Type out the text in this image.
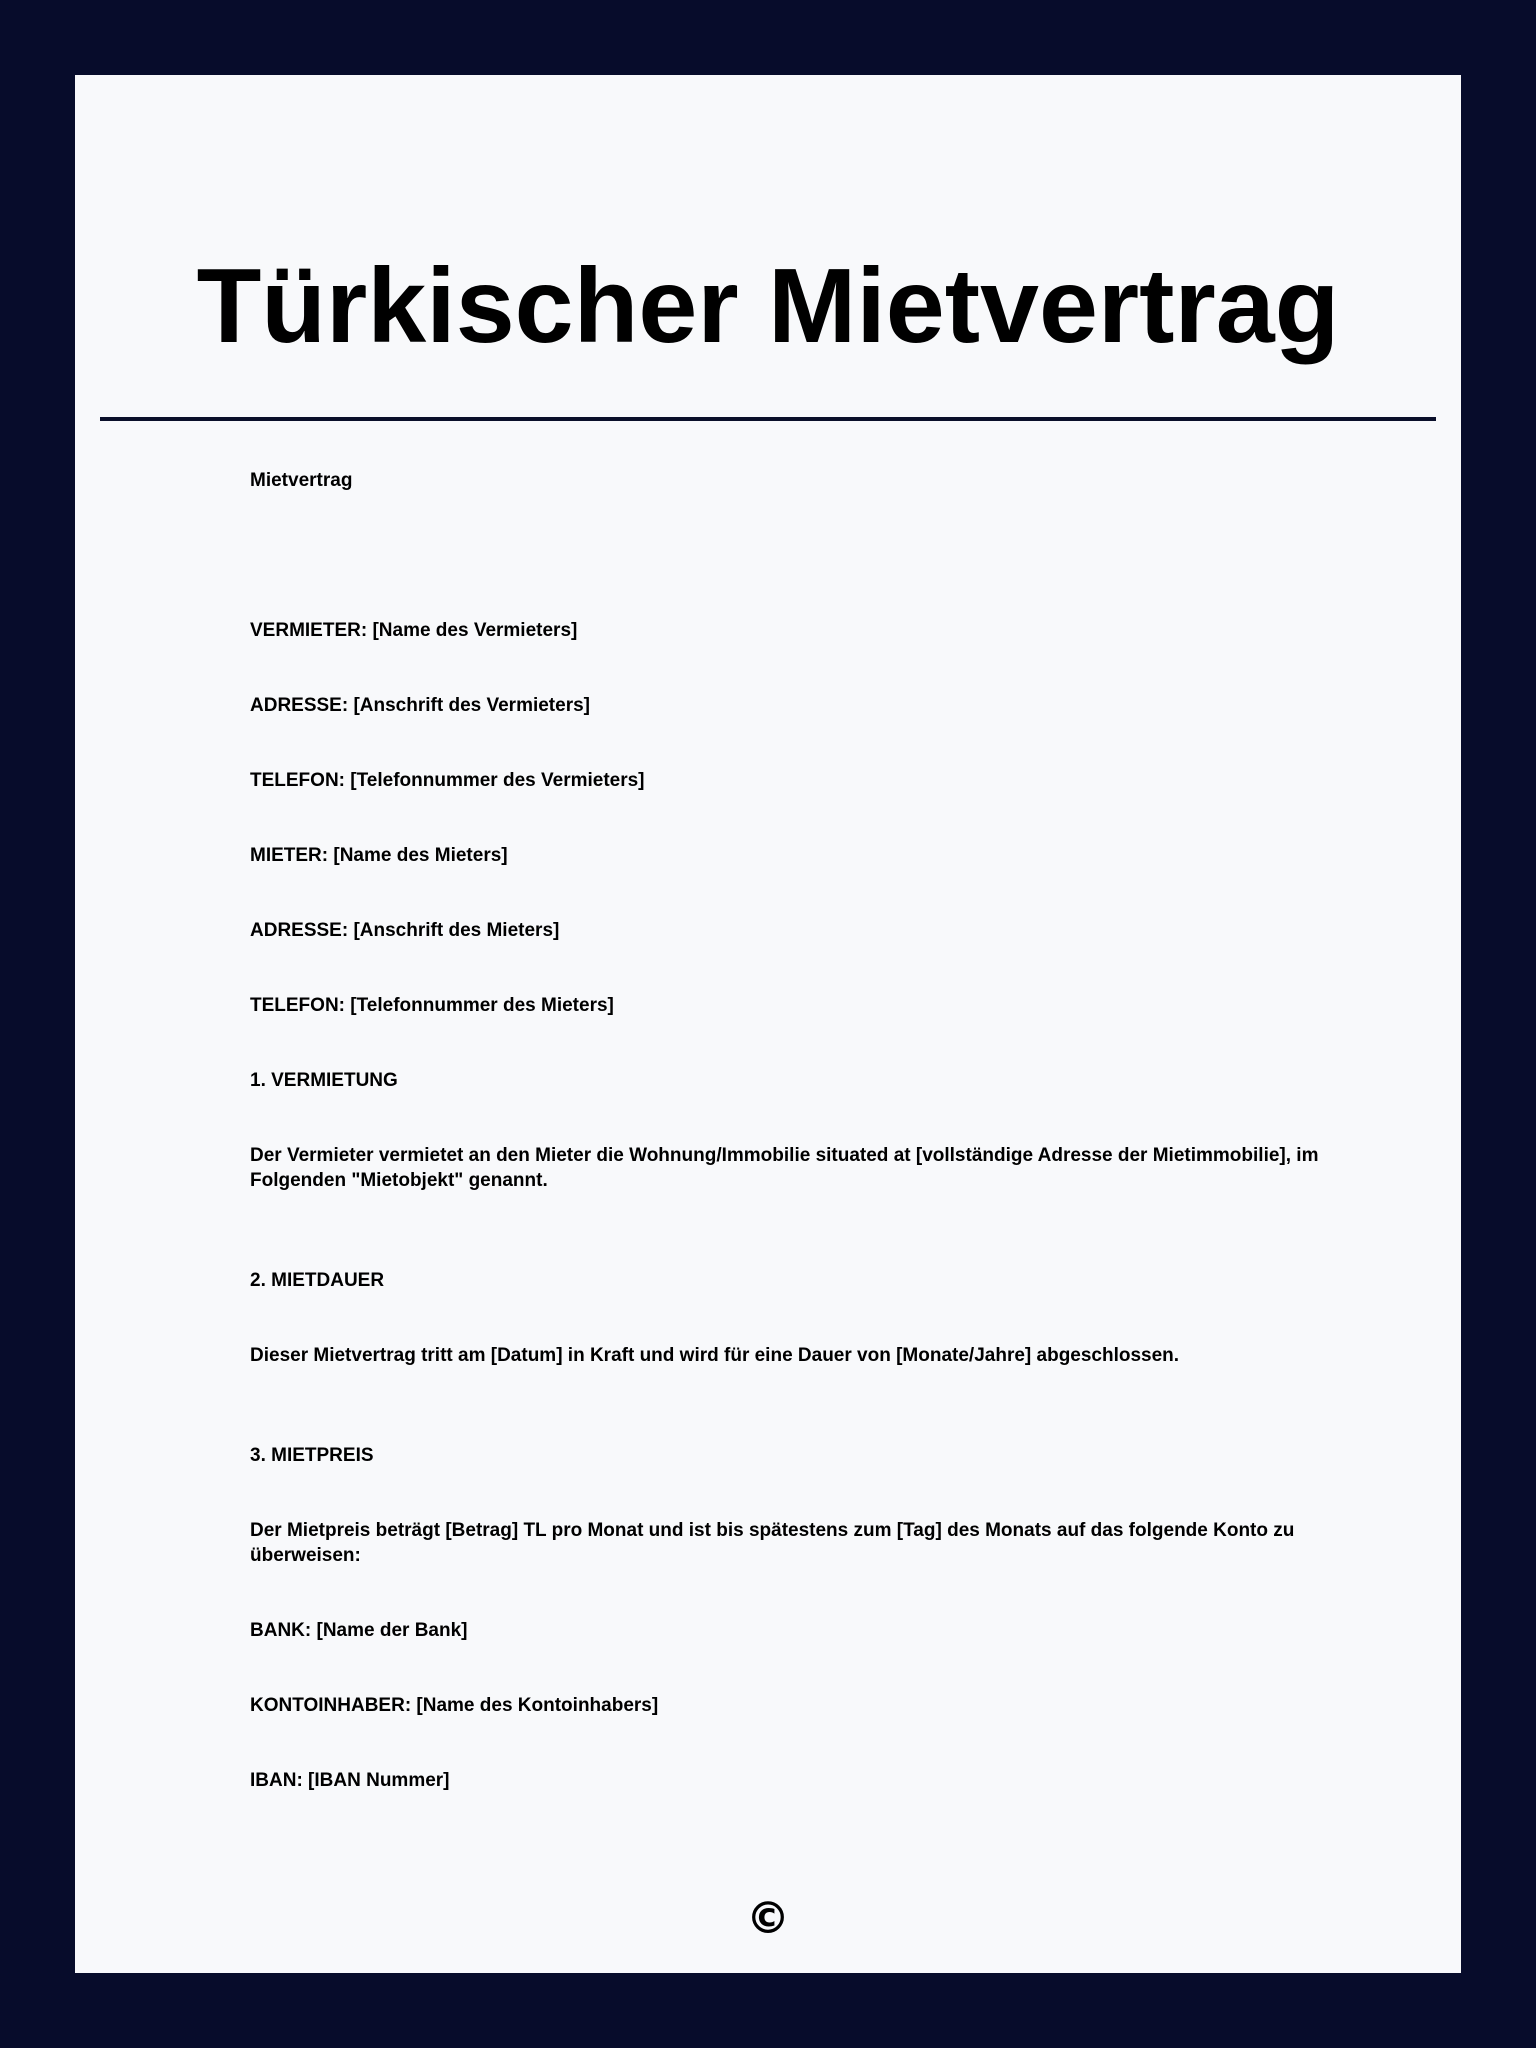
Türkischer Mietvertrag

Mietvertrag

VERMIETER: [Name des Vermieters]

ADRESSE: [Anschrift des Vermieters]

TELEFON: [Telefonnummer des Vermieters]

MIETER: [Name des Mieters]

ADRESSE: [Anschrift des Mieters]

TELEFON: [Telefonnummer des Mieters]

1. VERMIETUNG

Der Vermieter vermietet an den Mieter die Wohnung/Immobilie situated at [vollständige Adresse der Mietimmobilie], im Folgenden "Mietobjekt" genannt.

2. MIETDAUER

Dieser Mietvertrag tritt am [Datum] in Kraft und wird für eine Dauer von [Monate/Jahre] abgeschlossen.

3. MIETPREIS

Der Mietpreis beträgt [Betrag] TL pro Monat und ist bis spätestens zum [Tag] des Monats auf das folgende Konto zu überweisen:

BANK: [Name der Bank]

KONTOINHABER: [Name des Kontoinhabers]

IBAN: [IBAN Nummer]

©
